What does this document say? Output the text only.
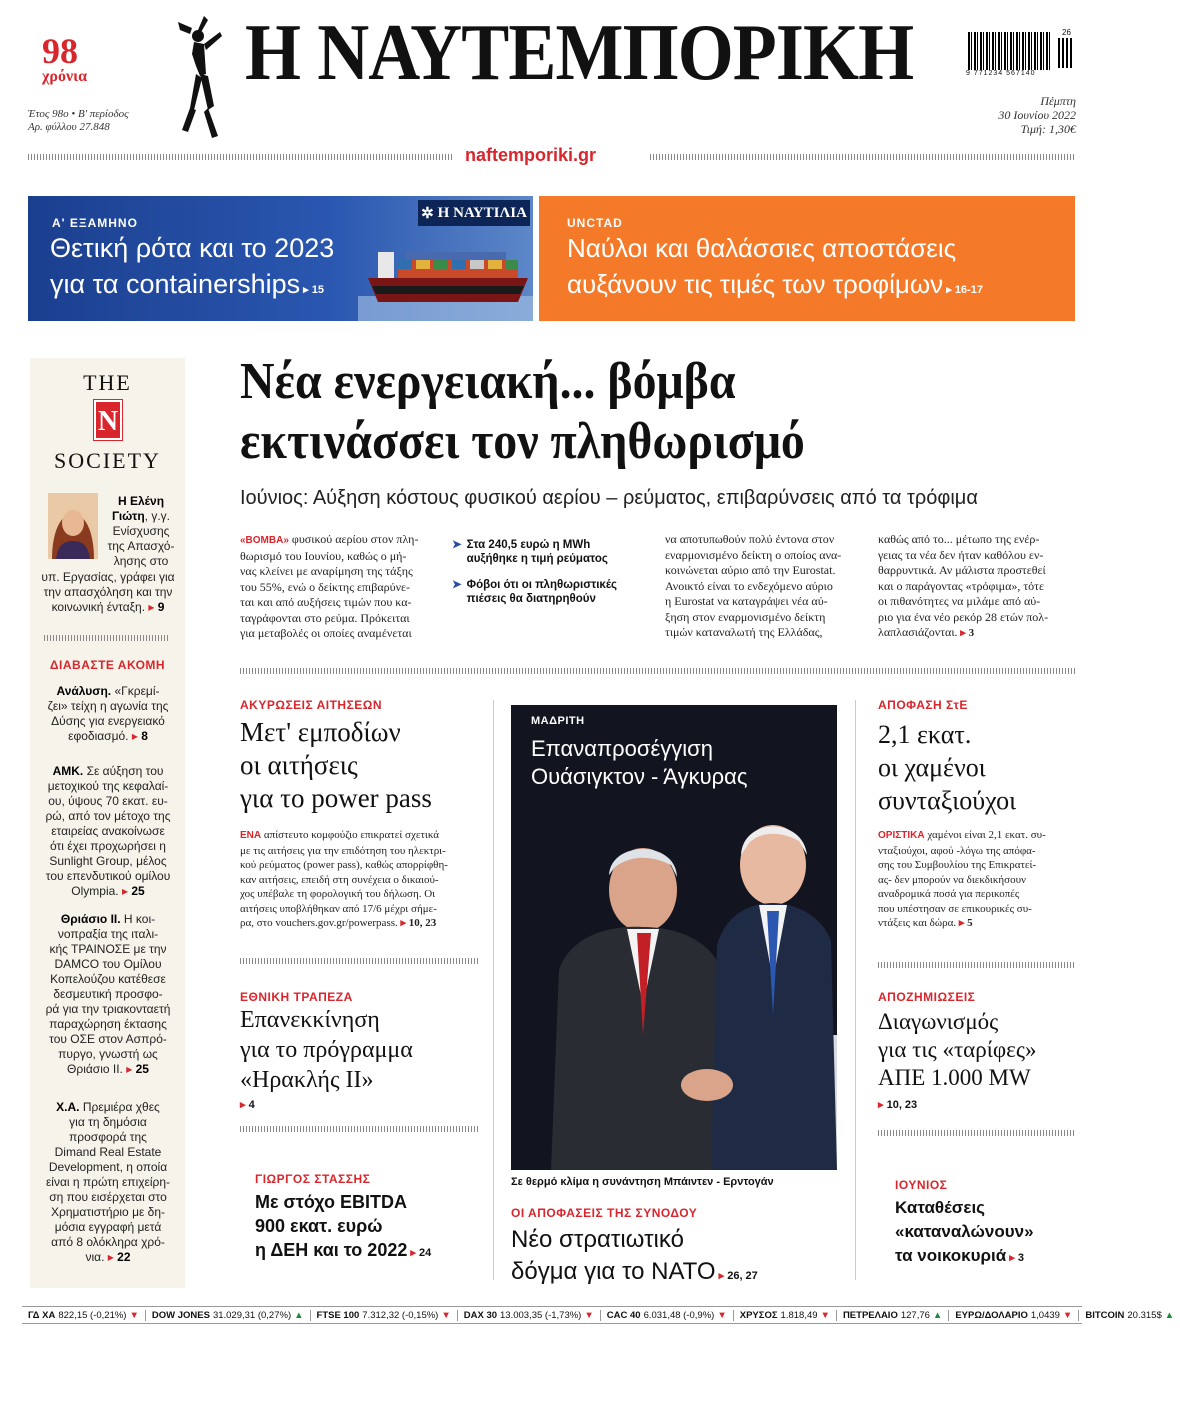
98
χρόνια
Έτος 98ο • Β' περίοδος
Αρ. φύλλου 27.848
Η ΝΑΥΤΕΜΠΟΡΙΚΗ	26
9 771234 567140
Πέμπτη
30 Ιουνίου 2022
Τιμή: 1,30€
naftemporiki.gr
✲ Η ΝΑΥΤΙΛΙΑ
Α' ΕΞΑΜΗΝΟ
Θετική ρότα και το 2023
για τα containerships ▸ 15
UNCTAD
Ναύλοι και θαλάσσιες αποστάσεις
αυξάνουν τις τιμές των τροφίμων ▸ 16-17
THE
N
SOCIETY
Η Ελένη
Γιώτη, γ.γ.
Ενίσχυσης
της Απασχό-
λησης στο
υπ. Εργασίας, γράφει για
την απασχόληση και την
κοινωνική ένταξη. ▸ 9
ΔΙΑΒΑΣΤΕ ΑΚΟΜΗ
Ανάλυση. «Γκρεμί-
ζει» τείχη η αγωνία της
Δύσης για ενεργειακό
εφοδιασμό. ▸ 8
ΑΜΚ. Σε αύξηση του
μετοχικού της κεφαλαί-
ου, ύψους 70 εκατ. ευ-
ρώ, από τον μέτοχο της
εταιρείας ανακοίνωσε
ότι έχει προχωρήσει η
Sunlight Group, μέλος
του επενδυτικού ομίλου
Olympia. ▸ 25
Θριάσιο ΙΙ. Η κοι-
νοπραξία της ιταλι-
κής ΤΡΑΙΝΟΣΕ με την
DAMCO του Ομίλου
Κοπελούζου κατέθεσε
δεσμευτική προσφο-
ρά για την τριακονταετή
παραχώρηση έκτασης
του ΟΣΕ στον Ασπρό-
πυργο, γνωστή ως
Θριάσιο ΙΙ. ▸ 25
Χ.Α. Πρεμιέρα χθες
για τη δημόσια
προσφορά της
Dimand Real Estate
Development, η οποία
είναι η πρώτη επιχείρη-
ση που εισέρχεται στο
Χρηματιστήριο με δη-
μόσια εγγραφή μετά
από 8 ολόκληρα χρό-
νια. ▸ 22
Νέα ενεργειακή... βόμβα
εκτινάσσει τον πληθωρισμό
Ιούνιος: Αύξηση κόστους φυσικού αερίου – ρεύματος, επιβαρύνσεις από τα τρόφιμα
«ΒΟΜΒΑ» φυσικού αερίου στον πλη-
θωρισμό του Ιουνίου, καθώς ο μή-
νας κλείνει με αναρίμηση της τάξης
του 55%, ενώ ο δείκτης επιβαρύνε-
ται και από αυξήσεις τιμών που κα-
ταγράφονται στο ρεύμα. Πρόκειται
για μεταβολές οι οποίες αναμένεται
➤ Στα 240,5 ευρώ η MWh
αυξήθηκε η τιμή ρεύματος
➤ Φόβοι ότι οι πληθωριστικές
πιέσεις θα διατηρηθούν
να αποτυπωθούν πολύ έντονα στον
εναρμονισμένο δείκτη ο οποίος ανα-
κοινώνεται αύριο από την Eurostat.
Ανοικτό είναι το ενδεχόμενο αύριο
η Eurostat να καταγράψει νέα αύ-
ξηση στον εναρμονισμένο δείκτη
τιμών καταναλωτή της Ελλάδας,
καθώς από το... μέτωπο της ενέρ-
γειας τα νέα δεν ήταν καθόλου εν-
θαρρυντικά. Αν μάλιστα προστεθεί
και ο παράγοντας «τρόφιμα», τότε
οι πιθανότητες να μιλάμε από αύ-
ριο για ένα νέο ρεκόρ 28 ετών πολ-
λαπλασιάζονται. ▸ 3
ΑΚΥΡΩΣΕΙΣ ΑΙΤΗΣΕΩΝ
Μετ' εμποδίων
οι αιτήσεις
για το power pass
ΕΝΑ απίστευτο κομφούζιο επικρατεί σχετικά
με τις αιτήσεις για την επιδότηση του ηλεκτρι-
κού ρεύματος (power pass), καθώς απορρίφθη-
καν αιτήσεις, επειδή στη συνέχεια ο δικαιού-
χος υπέβαλε τη φορολογική του δήλωση. Οι
αιτήσεις υποβλήθηκαν από 17/6 μέχρι σήμε-
ρα, στο vouchers.gov.gr/powerpass. ▸ 10, 23
ΕΘΝΙΚΗ ΤΡΑΠΕΖΑ
Επανεκκίνηση
για το πρόγραμμα
«Ηρακλής ΙΙ»
▸ 4
ΓΙΩΡΓΟΣ ΣΤΑΣΣΗΣ
Με στόχο EBITDA
900 εκατ. ευρώ
η ΔΕΗ και το 2022 ▸ 24
ΜΑΔΡΙΤΗ
Επαναπροσέγγιση
Ουάσιγκτον - Άγκυρας
Σε θερμό κλίμα η συνάντηση Μπάιντεν - Ερντογάν
ΟΙ ΑΠΟΦΑΣΕΙΣ ΤΗΣ ΣΥΝΟΔΟΥ
Νέο στρατιωτικό
δόγμα για το ΝΑΤΟ ▸ 26, 27
ΑΠΟΦΑΣΗ ΣτΕ
2,1 εκατ.
οι χαμένοι
συνταξιούχοι
ΟΡΙΣΤΙΚΑ χαμένοι είναι 2,1 εκατ. συ-
νταξιούχοι, αφού -λόγω της απόφα-
σης του Συμβουλίου της Επικρατεί-
ας- δεν μπορούν να διεκδικήσουν
αναδρομικά ποσά για περικοπές
που υπέστησαν σε επικουρικές συ-
ντάξεις και δώρα. ▸ 5
ΑΠΟΖΗΜΙΩΣΕΙΣ
Διαγωνισμός
για τις «ταρίφες»
ΑΠΕ 1.000 MW
▸ 10, 23
ΙΟΥΝΙΟΣ
Καταθέσεις
«καταναλώνουν»
τα νοικοκυριά ▸ 3
ΓΔ ΧΑ 822,15 (-0,21%) ▼ DOW JONES 31.029,31 (0,27%) ▲ FTSE 100 7.312,32 (-0,15%) ▼ DAX 30 13.003,35 (-1,73%) ▼ CAC 40 6.031,48 (-0,9%) ▼ ΧΡΥΣΟΣ 1.818,49 ▼ ΠΕΤΡΕΛΑΙΟ 127,76 ▲ ΕΥΡΩ/ΔΟΛΑΡΙΟ 1,0439 ▼ BITCOIN 20.315$ ▲
